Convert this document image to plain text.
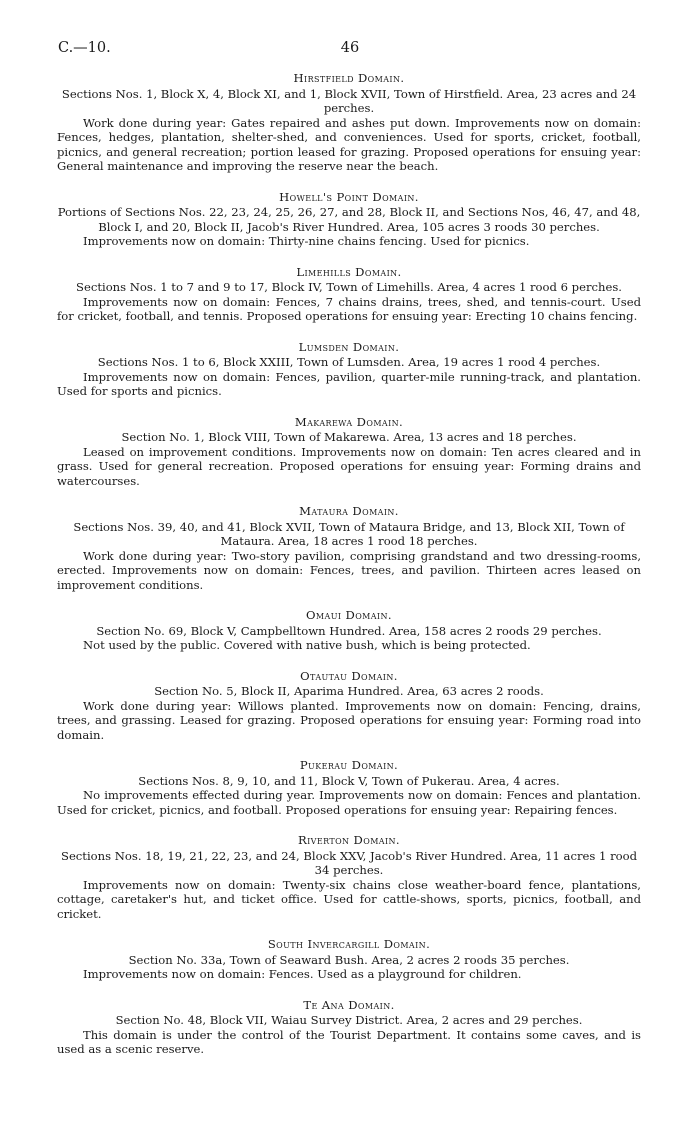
C.—10.	46
Hirstfield Domain.

Sections Nos. 1, Block X, 4, Block XI, and 1, Block XVII, Town of Hirstfield. Area, 23 acres and 24 perches.

Work done during year: Gates repaired and ashes put down. Improvements now on domain: Fences, hedges, plantation, shelter-shed, and conveniences. Used for sports, cricket, football, picnics, and general recreation; portion leased for grazing. Proposed operations for ensuing year: General maintenance and improving the reserve near the beach.

Howell's Point Domain.

Portions of Sections Nos. 22, 23, 24, 25, 26, 27, and 28, Block II, and Sections Nos, 46, 47, and 48, Block I, and 20, Block II, Jacob's River Hundred. Area, 105 acres 3 roods 30 perches.

Improvements now on domain: Thirty-nine chains fencing. Used for picnics.

Limehills Domain.

Sections Nos. 1 to 7 and 9 to 17, Block IV, Town of Limehills. Area, 4 acres 1 rood 6 perches.

Improvements now on domain: Fences, 7 chains drains, trees, shed, and tennis-court. Used for cricket, football, and tennis. Proposed operations for ensuing year: Erecting 10 chains fencing.

Lumsden Domain.

Sections Nos. 1 to 6, Block XXIII, Town of Lumsden. Area, 19 acres 1 rood 4 perches.

Improvements now on domain: Fences, pavilion, quarter-mile running-track, and plantation. Used for sports and picnics.

Makarewa Domain.

Section No. 1, Block VIII, Town of Makarewa. Area, 13 acres and 18 perches.

Leased on improvement conditions. Improvements now on domain: Ten acres cleared and in grass. Used for general recreation. Proposed operations for ensuing year: Forming drains and watercourses.

Mataura Domain.

Sections Nos. 39, 40, and 41, Block XVII, Town of Mataura Bridge, and 13, Block XII, Town of Mataura. Area, 18 acres 1 rood 18 perches.

Work done during year: Two-story pavilion, comprising grandstand and two dressing-rooms, erected. Improvements now on domain: Fences, trees, and pavilion. Thirteen acres leased on improvement conditions.

Omaui Domain.

Section No. 69, Block V, Campbelltown Hundred. Area, 158 acres 2 roods 29 perches.

Not used by the public. Covered with native bush, which is being protected.

Otautau Domain.

Section No. 5, Block II, Aparima Hundred. Area, 63 acres 2 roods.

Work done during year: Willows planted. Improvements now on domain: Fencing, drains, trees, and grassing. Leased for grazing. Proposed operations for ensuing year: Forming road into domain.

Pukerau Domain.

Sections Nos. 8, 9, 10, and 11, Block V, Town of Pukerau. Area, 4 acres.

No improvements effected during year. Improvements now on domain: Fences and plantation. Used for cricket, picnics, and football. Proposed operations for ensuing year: Repairing fences.

Riverton Domain.

Sections Nos. 18, 19, 21, 22, 23, and 24, Block XXV, Jacob's River Hundred. Area, 11 acres 1 rood 34 perches.

Improvements now on domain: Twenty-six chains close weather-board fence, plantations, cottage, caretaker's hut, and ticket office. Used for cattle-shows, sports, picnics, football, and cricket.

South Invercargill Domain.

Section No. 33a, Town of Seaward Bush. Area, 2 acres 2 roods 35 perches.

Improvements now on domain: Fences. Used as a playground for children.

Te Ana Domain.

Section No. 48, Block VII, Waiau Survey District. Area, 2 acres and 29 perches.

This domain is under the control of the Tourist Department. It contains some caves, and is used as a scenic reserve.
